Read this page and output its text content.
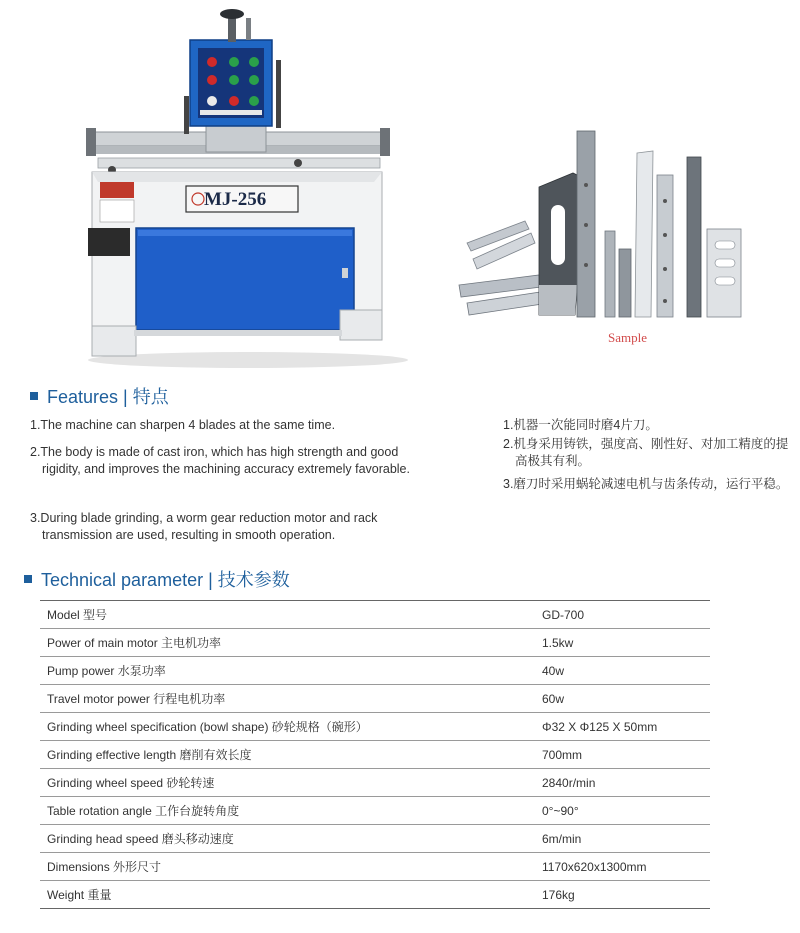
MJ-256
Sample
Features | 特点
1.The machine can sharpen 4 blades at the same time.
2.The body is made of cast iron, which has high strength and good rigidity, and improves the machining accuracy extremely favorable.
3.During blade grinding, a worm gear reduction motor and rack transmission are used, resulting in smooth operation.
1.机器一次能同时磨4片刀。
2.机身采用铸铁，强度高、刚性好、对加工精度的提高极其有利。
3.磨刀时采用蜗轮减速电机与齿条传动，运行平稳。
Technical parameter | 技术参数
Model 型号	GD-700
Power of main motor 主电机功率	1.5kw
Pump power 水泵功率	40w
Travel motor power 行程电机功率	60w
Grinding wheel specification (bowl shape) 砂轮规格（碗形）	Φ32 X Φ125 X 50mm
Grinding effective length 磨削有效长度	700mm
Grinding wheel speed 砂轮转速	2840r/min
Table rotation angle 工作台旋转角度	0°~90°
Grinding head speed 磨头移动速度	6m/min
Dimensions 外形尺寸	1170x620x1300mm
Weight 重量	176kg
